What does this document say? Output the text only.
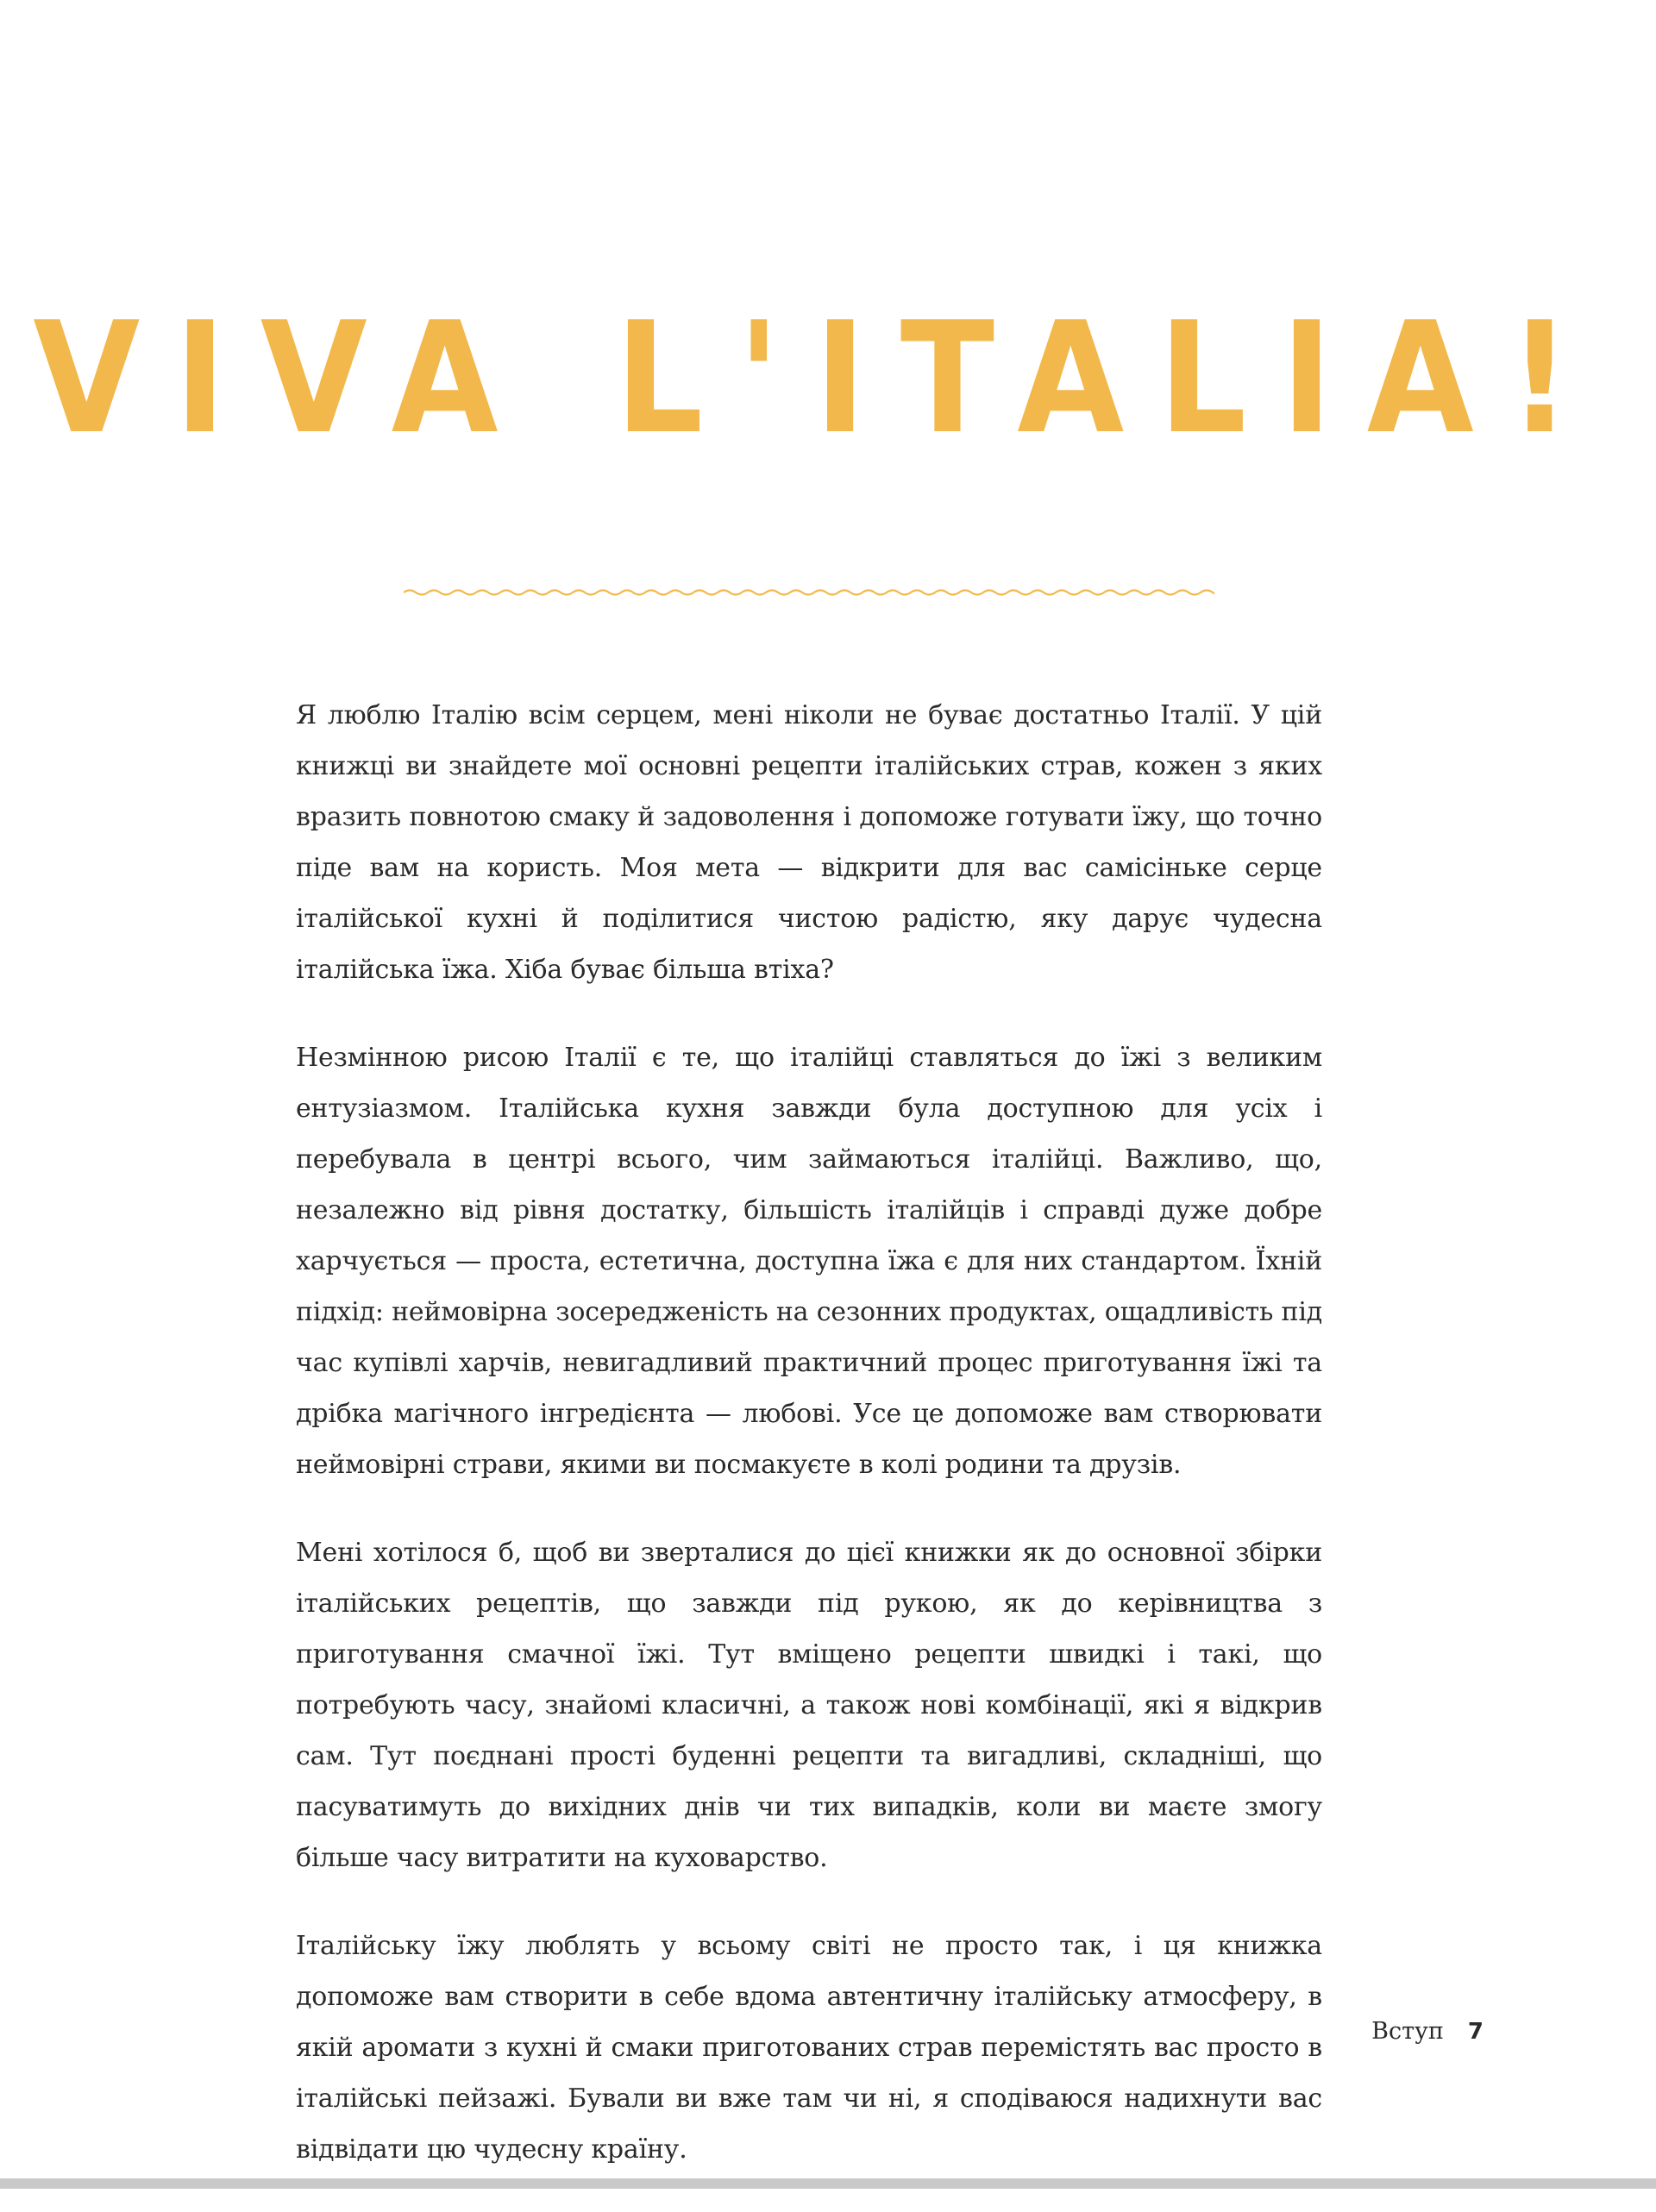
VIVA L'ITALIA!

Я люблю Італію всім серцем, мені ніколи не буває достатньо Італії. У цій книжці ви знайдете мої основні рецепти італійських страв, кожен з яких вразить повнотою смаку й задоволення і допоможе готувати їжу, що точно піде вам на користь. Моя мета — відкрити для вас самісіньке серце італійської кухні й поділитися чистою радістю, яку дарує чудесна італійська їжа. Хіба буває більша втіха?

Незмінною рисою Італії є те, що італійці ставляться до їжі з великим ентузіазмом. Італійська кухня завжди була доступною для усіх і перебувала в центрі всього, чим займаються італійці. Важливо, що, незалежно від рівня достатку, більшість італійців і справді дуже добре харчується — проста, естетична, доступна їжа є для них стандартом. Їхній підхід: неймовірна зосередженість на сезонних продуктах, ощадливість під час купівлі харчів, невигадливий практичний процес приготування їжі та дрібка магічного інгредієнта — любові. Усе це допоможе вам створювати неймовірні страви, якими ви посмакуєте в колі родини та друзів.

Мені хотілося б, щоб ви зверталися до цієї книжки як до основної збірки італійських рецептів, що завжди під рукою, як до керівництва з приготування смачної їжі. Тут вміщено рецепти швидкі і такі, що потребують часу, знайомі класичні, а також нові комбінації, які я відкрив сам. Тут поєднані прості буденні рецепти та вигадливі, складніші, що пасуватимуть до вихідних днів чи тих випадків, коли ви маєте змогу більше часу витратити на куховарство.

Італійську їжу люблять у всьому світі не просто так, і ця книжка допоможе вам створити в себе вдома автентичну італійську атмосферу, в якій аромати з кухні й смаки приготованих страв перемістять вас просто в італійські пейзажі. Бували ви вже там чи ні, я сподіваюся надихнути вас відвідати цю чудесну країну.

Вступ 7
